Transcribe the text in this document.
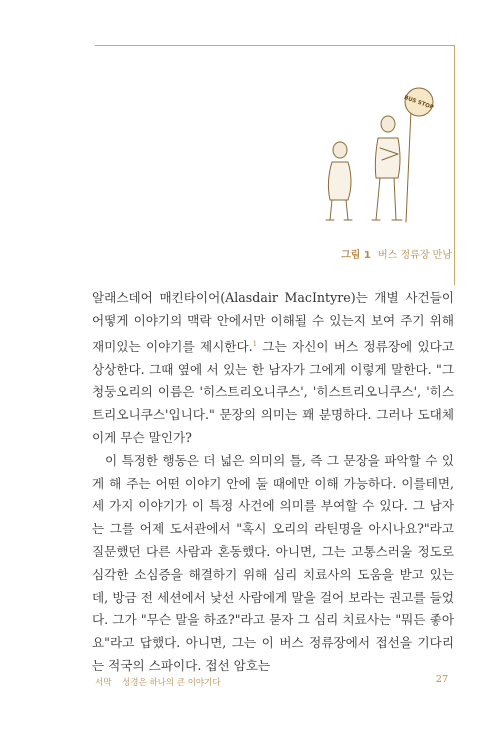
BUS STOP
그림 1 버스 정류장 만남

알래스데어 매킨타이어(Alasdair MacIntyre)는 개별 사건들이 어떻게 이야기의 맥락 안에서만 이해될 수 있는지 보여 주기 위해 재미있는 이야기를 제시한다.$^1$ 그는 자신이 버스 정류장에 있다고 상상한다. 그때 옆에 서 있는 한 남자가 그에게 이렇게 말한다. "그 청둥오리의 이름은 '히스트리오니쿠스', '히스트리오니쿠스', '히스트리오니쿠스'입니다." 문장의 의미는 꽤 분명하다. 그러나 도대체 이게 무슨 말인가?

이 특정한 행동은 더 넓은 의미의 틀, 즉 그 문장을 파악할 수 있게 해 주는 어떤 이야기 안에 둘 때에만 이해 가능하다. 이를테면, 세 가지 이야기가 이 특정 사건에 의미를 부여할 수 있다. 그 남자는 그를 어제 도서관에서 "혹시 오리의 라틴명을 아시나요?"라고 질문했던 다른 사람과 혼동했다. 아니면, 그는 고통스러울 정도로 심각한 소심증을 해결하기 위해 심리 치료사의 도움을 받고 있는데, 방금 전 세션에서 낯선 사람에게 말을 걸어 보라는 권고를 들었다. 그가 "무슨 말을 하죠?"라고 묻자 그 심리 치료사는 "뭐든 좋아요"라고 답했다. 아니면, 그는 이 버스 정류장에서 접선을 기다리는 적국의 스파이다. 접선 암호는

서막 성경은 하나의 큰 이야기다	27
